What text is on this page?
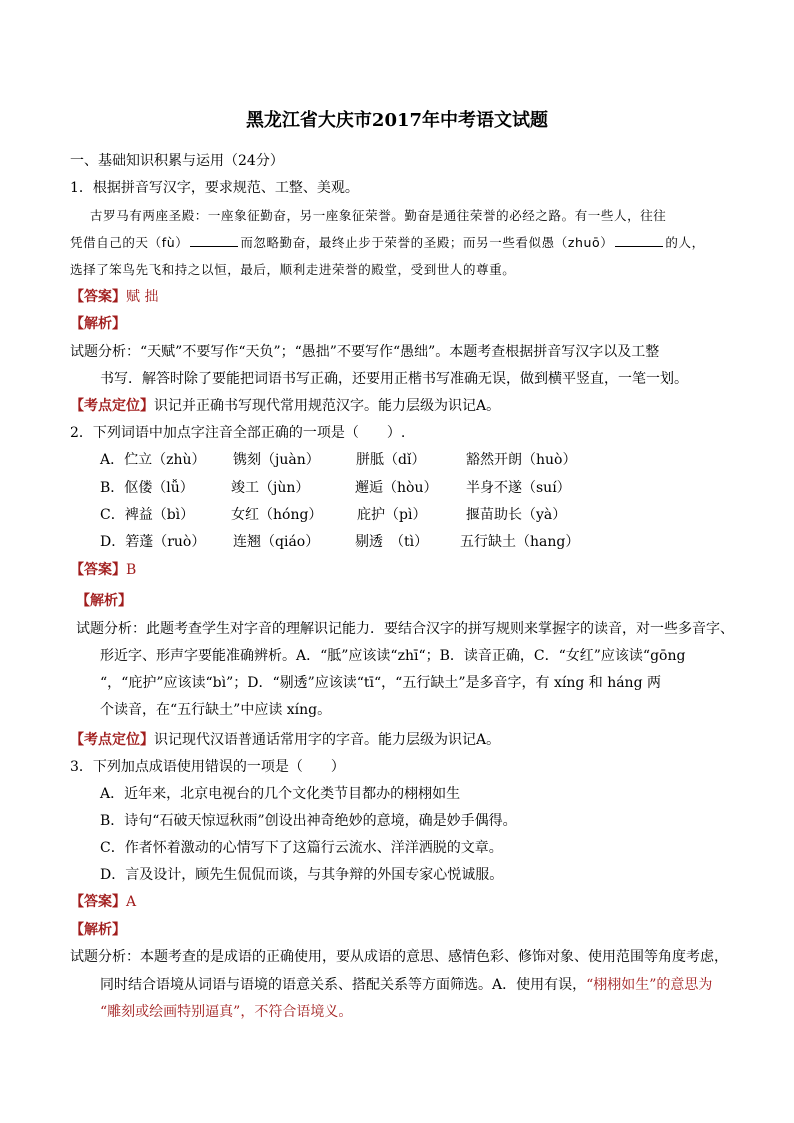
黑龙江省大庆市2017年中考语文试题
一、基础知识积累与运用（24分）
1．根据拼音写汉字，要求规范、工整、美观。
古罗马有两座圣殿：一座象征勤奋，另一座象征荣誉。勤奋是通往荣誉的必经之路。有一些人，往往
凭借自己的天（fù）	而忽略勤奋，最终止步于荣誉的圣殿；而另一些看似愚（zhuō）	的人，
选择了笨鸟先飞和持之以恒，最后，顺利走进荣誉的殿堂，受到世人的尊重。
【答案】赋 拙
【解析】
试题分析：“天赋”不要写作“天负”；“愚拙”不要写作“愚绌”。本题考查根据拼音写汉字以及工整
书写．解答时除了要能把词语书写正确，还要用正楷书写准确无误，做到横平竖直，一笔一划。
【考点定位】识记并正确书写现代常用规范汉字。能力层级为识记A。
2．下列词语中加点字注音全部正确的一项是（　　）.
A．伫立（zhù） 镌刻（juàn）	胼胝（dǐ）	豁然开朗（huò）
B．伛偻（lǚ）	竣工（jùn）	邂逅（hòu） 半身不遂（suí）
C．裨益（bì）	女红（hóng） 庇护（pì）	揠苗助长（yà）
D．箬蓬（ruò） 连翘（qiáo）	剔透　（tì） 五行缺土（hang）
【答案】B
【解析】
试题分析：此题考查学生对字音的理解识记能力．要结合汉字的拼写规则来掌握字的读音，对一些多音字、
形近字、形声字要能准确辨析。A．“胝”应该读“zhī“；B．读音正确，C．“女红”应该读“gōng
“，“庇护”应该读“bì”；D．“剔透”应该读“tī“，“五行缺土”是多音字，有 xíng 和 háng 两
个读音，在“五行缺土”中应读 xíng。
【考点定位】识记现代汉语普通话常用字的字音。能力层级为识记A。
3．下列加点成语使用错误的一项是（　　）
A．近年来，北京电视台的几个文化类节目都办的栩栩如生
B．诗句“石破天惊逗秋雨”创设出神奇绝妙的意境，确是妙手偶得。
C．作者怀着激动的心情写下了这篇行云流水、洋洋洒脱的文章。
D．言及设计，顾先生侃侃而谈，与其争辩的外国专家心悦诚服。
【答案】A
【解析】
试题分析：本题考查的是成语的正确使用，要从成语的意思、感情色彩、修饰对象、使用范围等角度考虑，
同时结合语境从词语与语境的语意关系、搭配关系等方面筛选。A．使用有误，“栩栩如生”的意思为
“雕刻或绘画特别逼真”，不符合语境义。
